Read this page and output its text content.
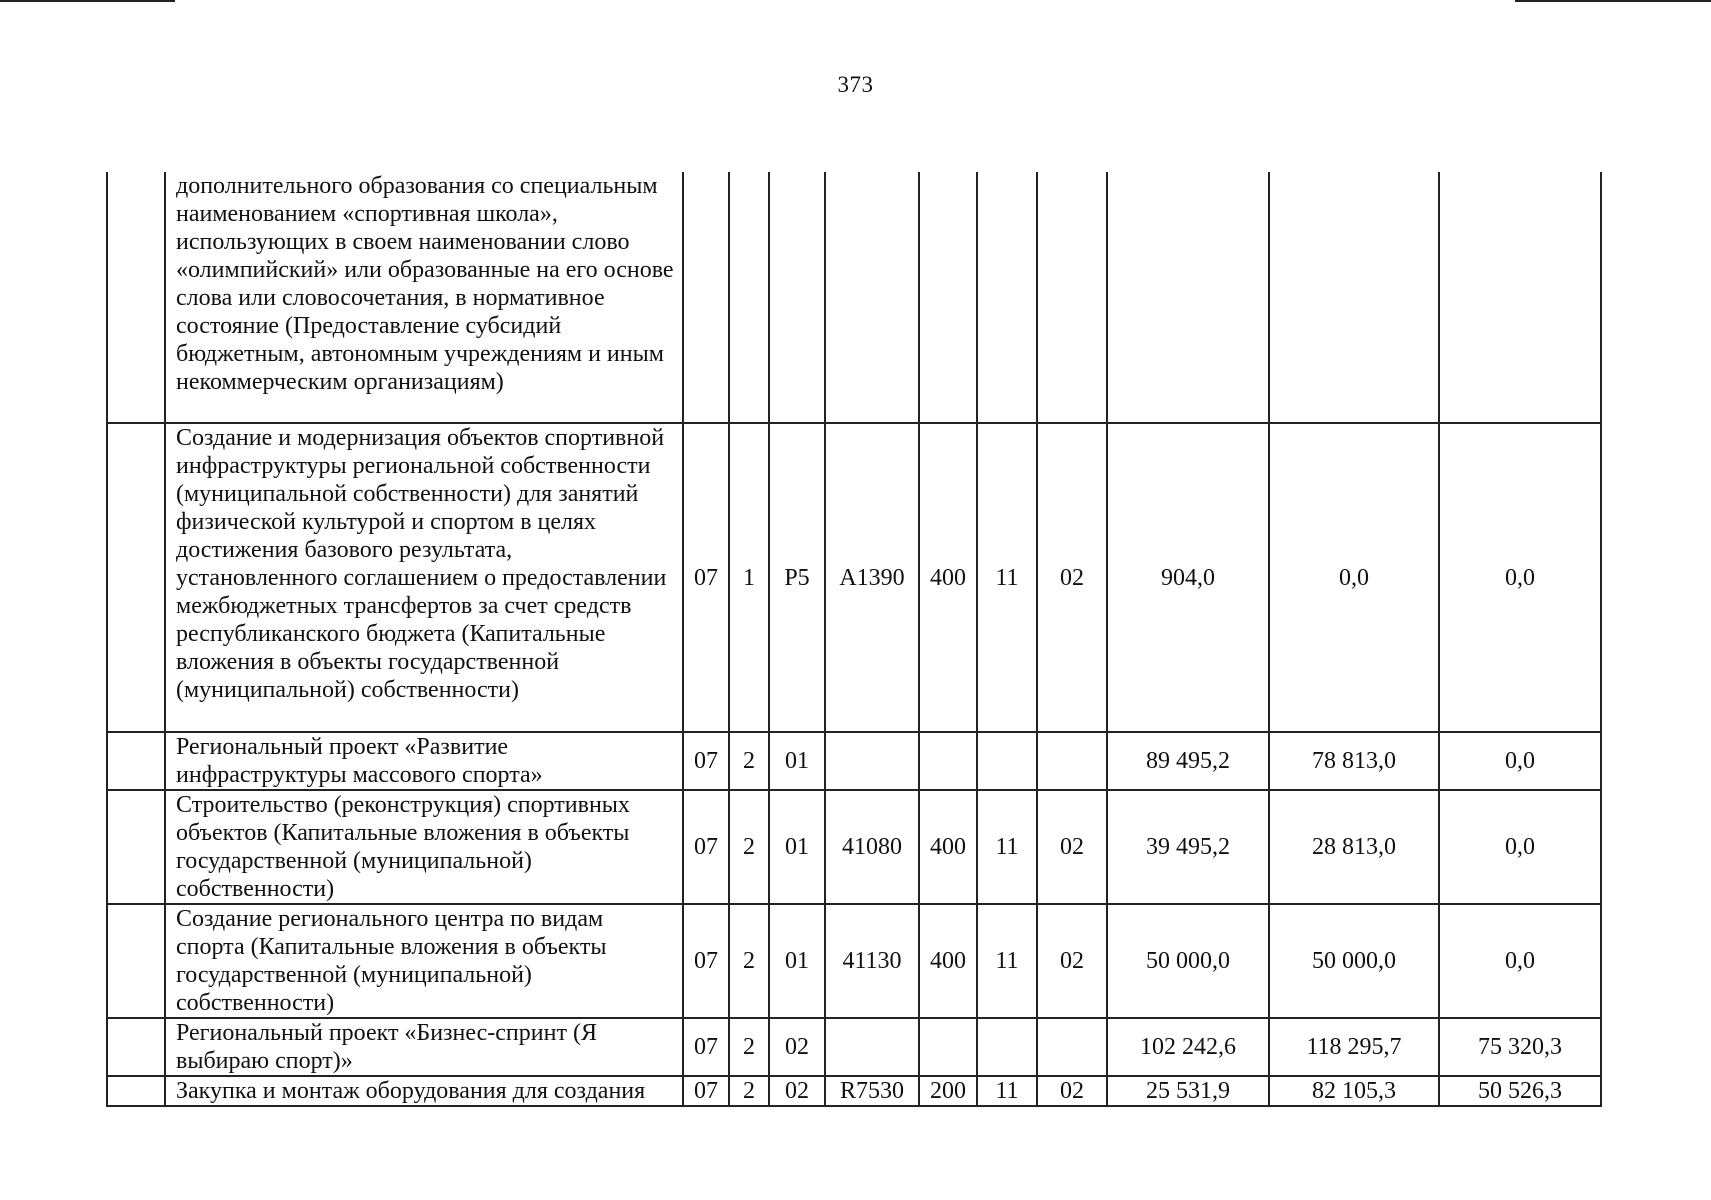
373
	дополнительного образования со специальным наименованием «спортивная школа», использующих в своем наименовании слово «олимпийский» или образованные на его основе слова или словосочетания, в нормативное состояние (Предоставление субсидий бюджетным, автономным учреждениям и иным некоммерческим организациям)										
	Создание и модернизация объектов спортивной инфраструктуры региональной собственности (муниципальной собственности) для занятий физической культурой и спортом в целях достижения базового результата, установленного соглашением о предоставлении межбюджетных трансфертов за счет средств республиканского бюджета (Капитальные вложения в объекты государственной (муниципальной) собственности)	07	1	P5	A1390	400	11	02	904,0	0,0	0,0
	Региональный проект «Развитие инфраструктуры массового спорта»	07	2	01					89 495,2	78 813,0	0,0
	Строительство (реконструкция) спортивных объектов (Капитальные вложения в объекты государственной (муниципальной) собственности)	07	2	01	41080	400	11	02	39 495,2	28 813,0	0,0
	Создание регионального центра по видам спорта (Капитальные вложения в объекты государственной (муниципальной) собственности)	07	2	01	41130	400	11	02	50 000,0	50 000,0	0,0
	Региональный проект «Бизнес-спринт (Я выбираю спорт)»	07	2	02					102 242,6	118 295,7	75 320,3
	Закупка и монтаж оборудования для создания	07	2	02	R7530	200	11	02	25 531,9	82 105,3	50 526,3
